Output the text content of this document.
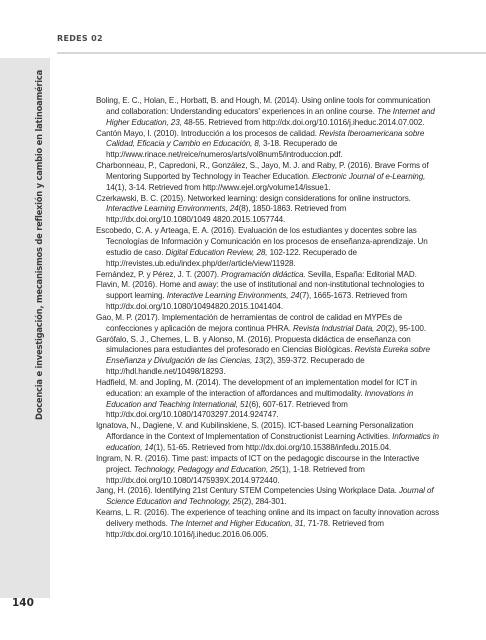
REDES 02
Docencia e investigación, mecanismos de reflexión y cambio en latinoamérica	Boling, E. C., Holan, E., Horbatt, B. and Hough, M. (2014). Using online tools for communication and collaboration: Understanding educators' experiences in an online course. The Internet and Higher Education, 23, 48-55. Retrieved from http://dx.doi.org/10.1016/j.iheduc.2014.07.002.

Cantón Mayo, I. (2010). Introducción a los procesos de calidad. Revista Iberoamericana sobre Calidad, Eficacia y Cambio en Educación, 8, 3-18. Recuperado de http://www.rinace.net/reice/numeros/arts/vol8num5/introduccion.pdf.

Charbonneau, P., Capredoni, R., González, S., Jayo, M. J. and Raby, P. (2016). Brave Forms of Mentoring Supported by Technology in Teacher Education. Electronic Journal of e-Learning, 14(1), 3-14. Retrieved from http://www.ejel.org/volume14/issue1.

Czerkawski, B. C. (2015). Networked learning: design considerations for online instructors. Interactive Learning Environments, 24(8), 1850-1863. Retrieved from http://dx.doi.org/10.1080/1049 4820.2015.1057744.

Escobedo, C. A. y Arteaga, E. A. (2016). Evaluación de los estudiantes y docentes sobre las Tecnologías de Información y Comunicación en los procesos de enseñanza-aprendizaje. Un estudio de caso. Digital Education Review, 28, 102-122. Recuperado de http://revistes.ub.edu/index.php/der/article/view/11928.

Fernández, P. y Pérez, J. T. (2007). Programación didáctica. Sevilla, España: Editorial MAD.

Flavin, M. (2016). Home and away: the use of institutional and non-institutional technologies to support learning. Interactive Learning Environments, 24(7), 1665-1673. Retrieved from http://dx.doi.org/10.1080/10494820.2015.1041404.

Gao, M. P. (2017). Implementación de herramientas de control de calidad en MYPEs de confecciones y aplicación de mejora continua PHRA. Revista Industrial Data, 20(2), 95-100.

Garófalo, S. J., Chemes, L. B. y Alonso, M. (2016). Propuesta didáctica de enseñanza con simulaciones para estudiantes del profesorado en Ciencias Biológicas. Revista Eureka sobre Enseñanza y Divulgación de las Ciencias, 13(2), 359-372. Recuperado de http://hdl.handle.net/10498/18293.

Hadfield, M. and Jopling, M. (2014). The development of an implementation model for ICT in education: an example of the interaction of affordances and multimodality. Innovations in Education and Teaching International, 51(6), 607-617. Retrieved from http://dx.doi.org/10.1080/14703297.2014.924747.

Ignatova, N., Dagiene, V. and Kubilinskiene, S. (2015). ICT-based Learning Personalization Affordance in the Context of Implementation of Constructionist Learning Activities. Informatics in education, 14(1), 51-65. Retrieved from http://dx.doi.org/10.15388/infedu.2015.04.

Ingram, N. R. (2016). Time past: impacts of ICT on the pedagogic discourse in the Interactive project. Technology, Pedagogy and Education, 25(1), 1-18. Retrieved from http://dx.doi.org/10.1080/1475939X.2014.972440.

Jang, H. (2016). Identifying 21st Century STEM Competencies Using Workplace Data. Journal of Science Education and Technology, 25(2), 284-301.

Kearns, L. R. (2016). The experience of teaching online and its impact on faculty innovation across delivery methods. The Internet and Higher Education, 31, 71-78. Retrieved from http://dx.doi.org/10.1016/j.iheduc.2016.06.005.

140
